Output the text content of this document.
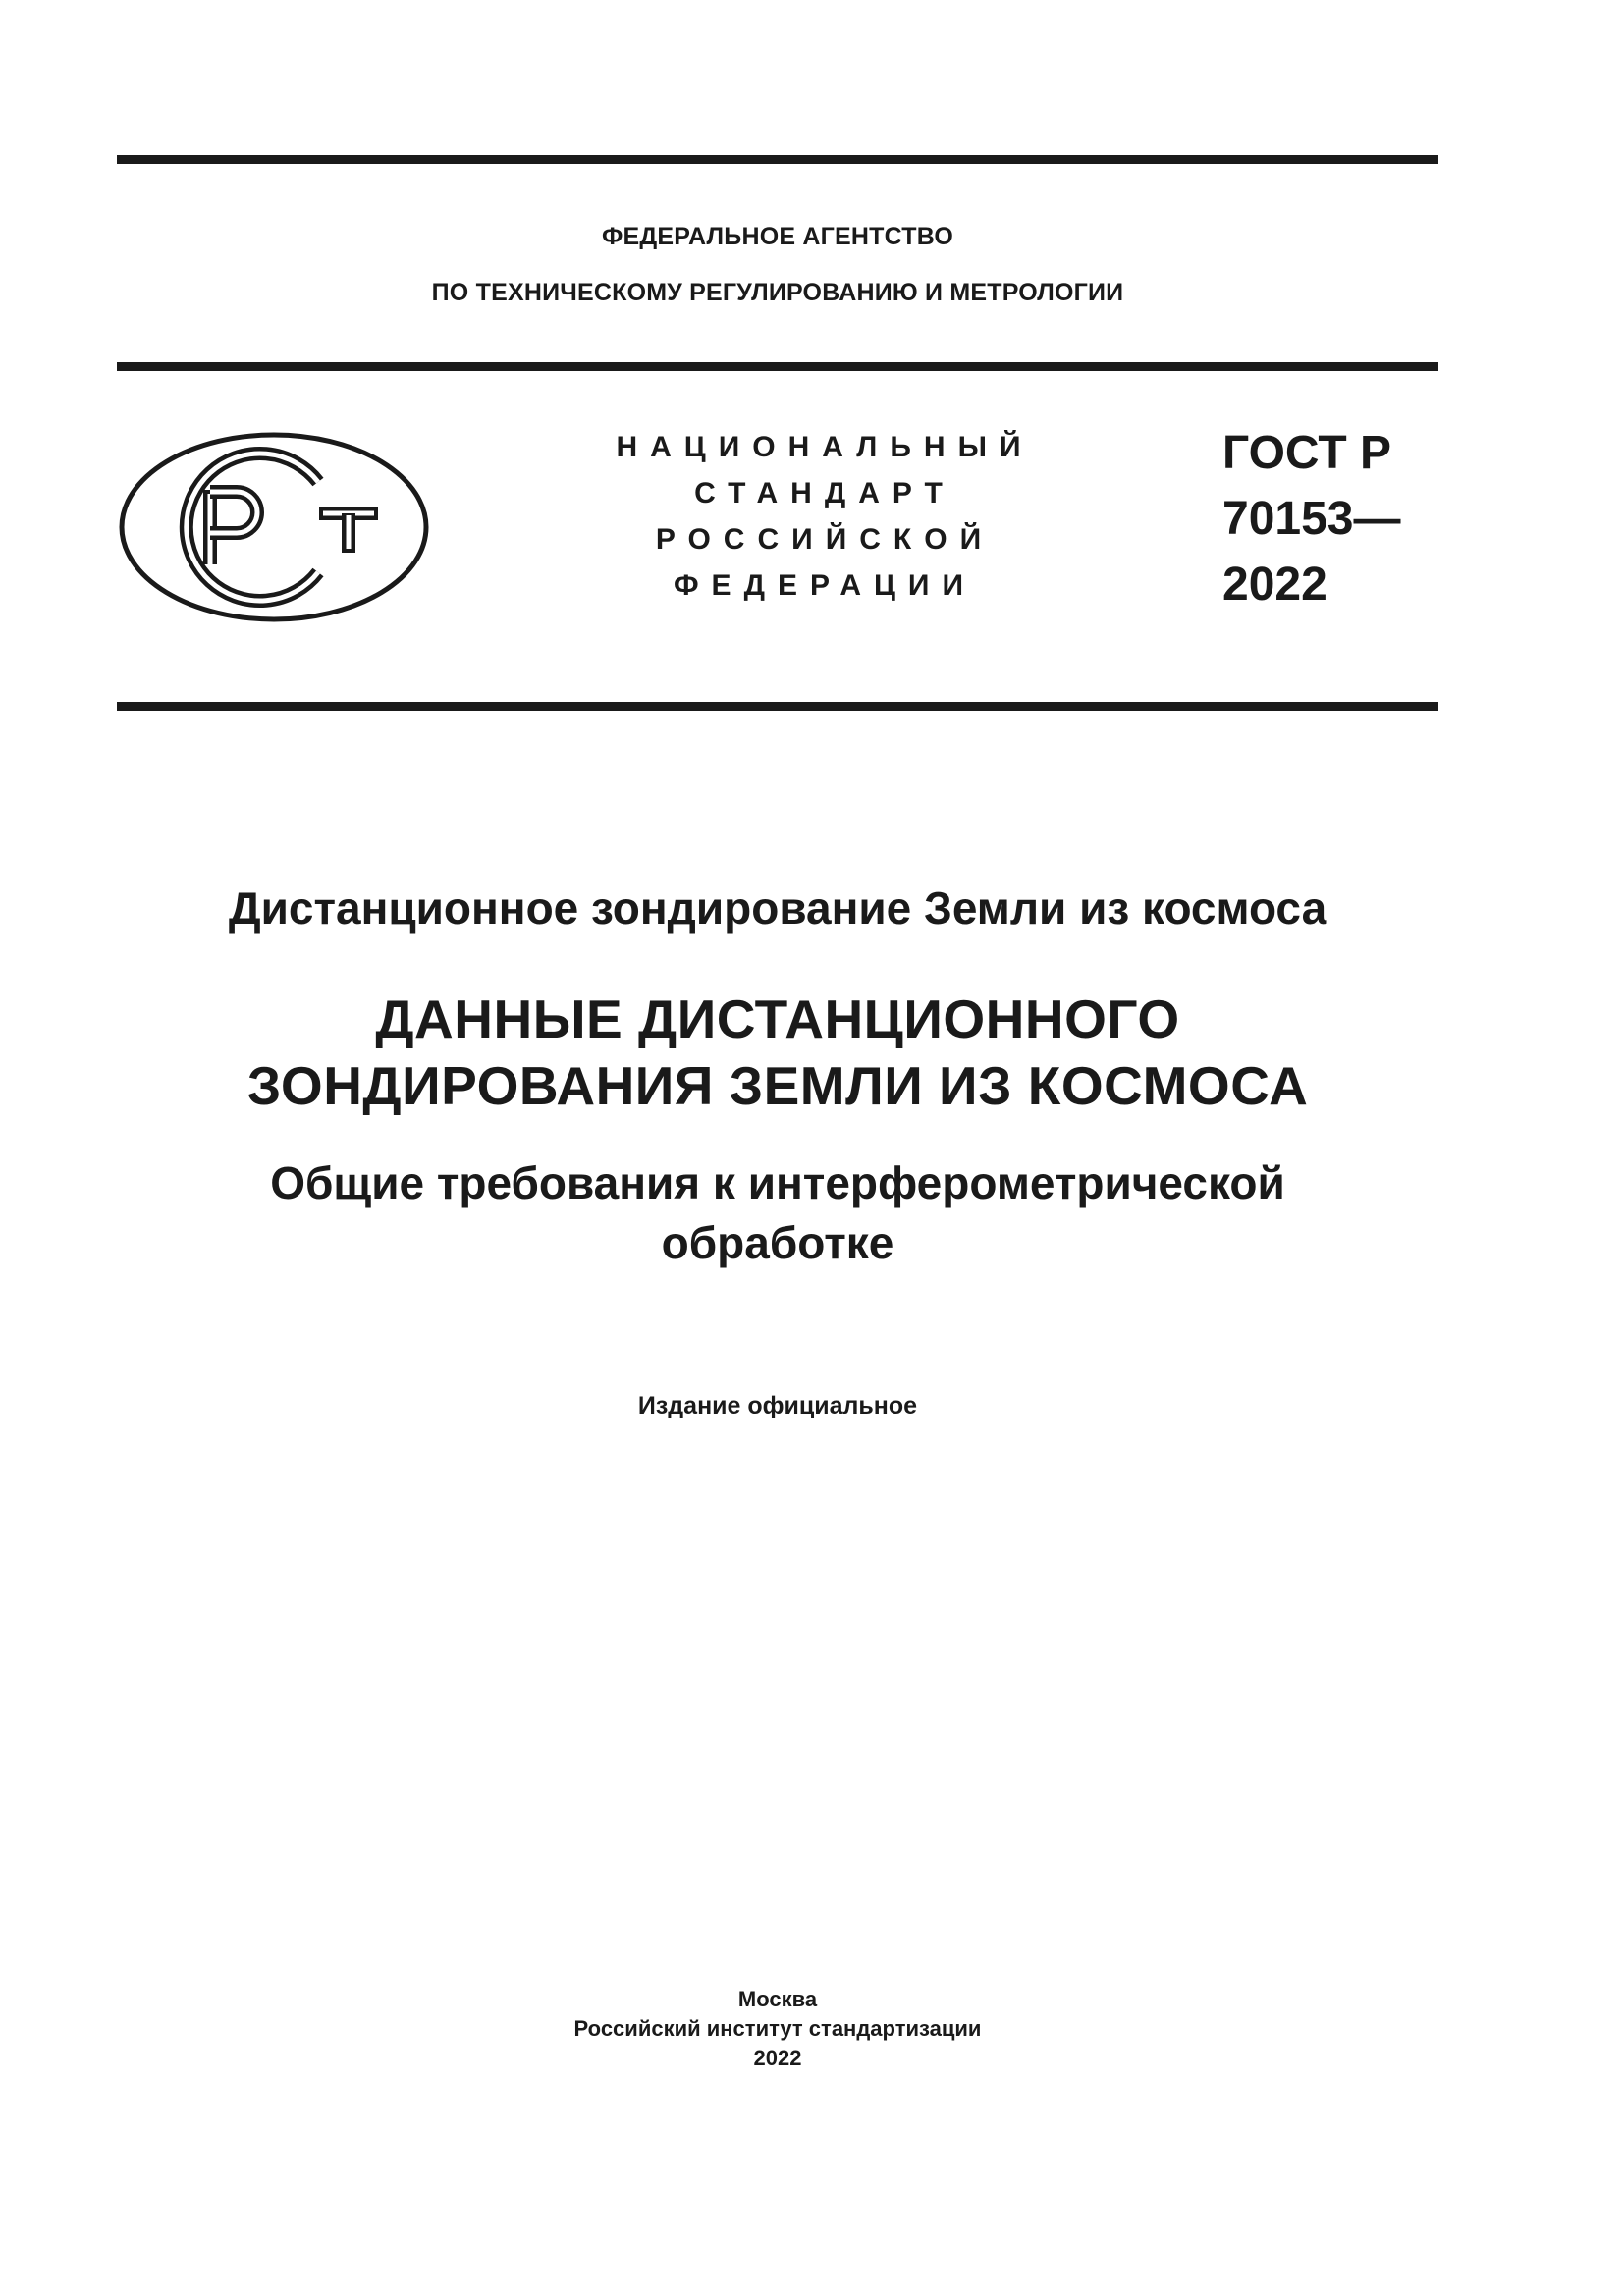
ФЕДЕРАЛЬНОЕ АГЕНТСТВО
ПО ТЕХНИЧЕСКОМУ РЕГУЛИРОВАНИЮ И МЕТРОЛОГИИ
НАЦИОНАЛЬНЫЙ
СТАНДАРТ
РОССИЙСКОЙ
ФЕДЕРАЦИИ
ГОСТ Р
70153—
2022
Дистанционное зондирование Земли из космоса
ДАННЫЕ ДИСТАНЦИОННОГО
ЗОНДИРОВАНИЯ ЗЕМЛИ ИЗ КОСМОСА
Общие требования к интерферометрической
обработке
Издание официальное
Москва
Российский институт стандартизации
2022
